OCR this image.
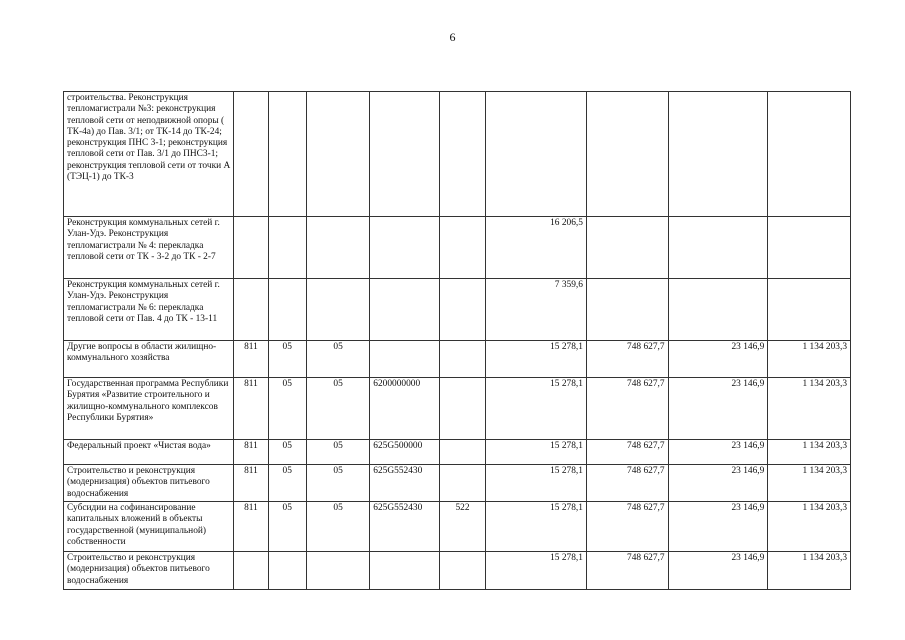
6
строительства. Реконструкция тепломагистрали №3: реконструкция тепловой сети от неподвижной опоры ( ТК-4а) до Пав. 3/1; от ТК-14 до ТК-24; реконструкция ПНС 3-1; реконструкция тепловой сети от Пав. 3/1 до ПНС3-1; реконструкция тепловой сети от точки А (ТЭЦ-1) до ТК-3									
Реконструкция коммунальных сетей г. Улан-Удэ. Реконструкция тепломагистрали № 4: перекладка тепловой сети от ТК - 3-2 до ТК - 2-7						16 206,5			
Реконструкция коммунальных сетей г. Улан-Удэ. Реконструкция тепломагистрали № 6: перекладка тепловой сети от Пав. 4 до ТК - 13-11						7 359,6			
Другие вопросы в области жилищно-коммунального хозяйства	811	05	05			15 278,1	748 627,7	23 146,9	1 134 203,3
Государственная программа Республики Бурятия «Развитие строительного и жилищно-коммунального комплексов Республики Бурятия»	811	05	05	6200000000		15 278,1	748 627,7	23 146,9	1 134 203,3
Федеральный проект «Чистая вода»	811	05	05	625G500000		15 278,1	748 627,7	23 146,9	1 134 203,3
Строительство и реконструкция (модернизация) объектов питьевого водоснабжения	811	05	05	625G552430		15 278,1	748 627,7	23 146,9	1 134 203,3
Субсидии на софинансирование капитальных вложений в объекты государственной (муниципальной) собственности	811	05	05	625G552430	522	15 278,1	748 627,7	23 146,9	1 134 203,3
Строительство и реконструкция (модернизация) объектов питьевого водоснабжения						15 278,1	748 627,7	23 146,9	1 134 203,3
